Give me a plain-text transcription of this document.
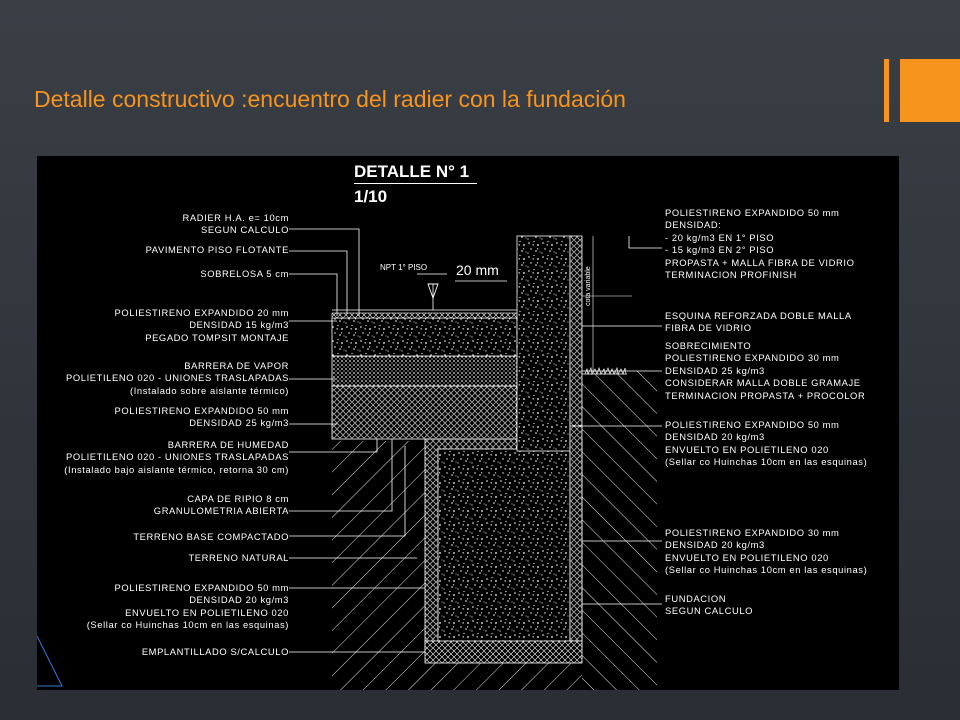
Detalle constructivo :encuentro del radier con la fundación
DETALLE N° 1
1/10
NPT 1° PISO 20 mm	cota variable
RADIER H.A. e= 10cm
SEGUN CALCULO
PAVIMENTO PISO FLOTANTE
SOBRELOSA 5 cm
POLIESTIRENO EXPANDIDO 20 mm
DENSIDAD 15 kg/m3
PEGADO TOMPSIT MONTAJE
BARRERA DE VAPOR
POLIETILENO 020 - UNIONES TRASLAPADAS
(Instalado sobre aislante térmico)
POLIESTIRENO EXPANDIDO 50 mm
DENSIDAD 25 kg/m3
BARRERA DE HUMEDAD
POLIETILENO 020 - UNIONES TRASLAPADAS
(Instalado bajo aislante térmico, retorna 30 cm)
CAPA DE RIPIO 8 cm
GRANULOMETRIA ABIERTA
TERRENO BASE COMPACTADO
TERRENO NATURAL
POLIESTIRENO EXPANDIDO 50 mm
DENSIDAD 20 kg/m3
ENVUELTO EN POLIETILENO 020
(Sellar co Huinchas 10cm en las esquinas)
EMPLANTILLADO S/CALCULO
POLIESTIRENO EXPANDIDO 50 mm
DENSIDAD:
- 20 kg/m3 EN 1° PISO
- 15 kg/m3 EN 2° PISO
PROPASTA + MALLA FIBRA DE VIDRIO
TERMINACION PROFINISH
ESQUINA REFORZADA DOBLE MALLA
FIBRA DE VIDRIO
SOBRECIMIENTO
POLIESTIRENO EXPANDIDO 30 mm
DENSIDAD 25 kg/m3
CONSIDERAR MALLA DOBLE GRAMAJE
TERMINACION PROPASTA + PROCOLOR
POLIESTIRENO EXPANDIDO 50 mm
DENSIDAD 20 kg/m3
ENVUELTO EN POLIETILENO 020
(Sellar co Huinchas 10cm en las esquinas)
POLIESTIRENO EXPANDIDO 30 mm
DENSIDAD 20 kg/m3
ENVUELTO EN POLIETILENO 020
(Sellar co Huinchas 10cm en las esquinas)
FUNDACION
SEGUN CALCULO
